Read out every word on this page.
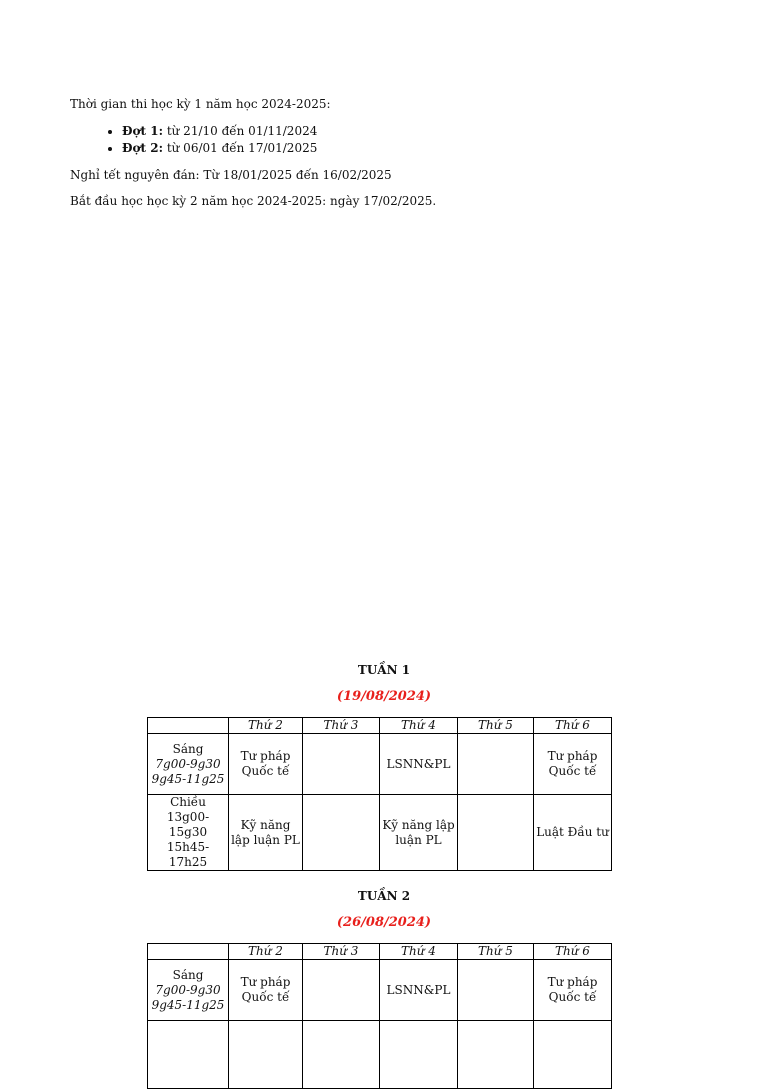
Thời gian thi học kỳ 1 năm học 2024-2025:

• Đợt 1: từ 21/10 đến 01/11/2024
• Đợt 2: từ 06/01 đến 17/01/2025

Nghỉ tết nguyên đán: Từ 18/01/2025 đến 16/02/2025

Bắt đầu học học kỳ 2 năm học 2024-2025: ngày 17/02/2025.

TUẦN 1
(19/08/2024)
	Thứ 2	Thứ 3	Thứ 4	Thứ 5	Thứ 6

Sáng
7g00-9g30
9g45-11g25	Tư pháp Quốc tế		LSNN&PL		Tư pháp Quốc tế

Chiều
13g00-15g30
15h45-17h25	Kỹ năng lập luận PL		Kỹ năng lập luận PL		Luật Đầu tư
TUẦN 2
(26/08/2024)
	Thứ 2	Thứ 3	Thứ 4	Thứ 5	Thứ 6

Sáng
7g00-9g30
9g45-11g25	Tư pháp Quốc tế		LSNN&PL		Tư pháp Quốc tế
